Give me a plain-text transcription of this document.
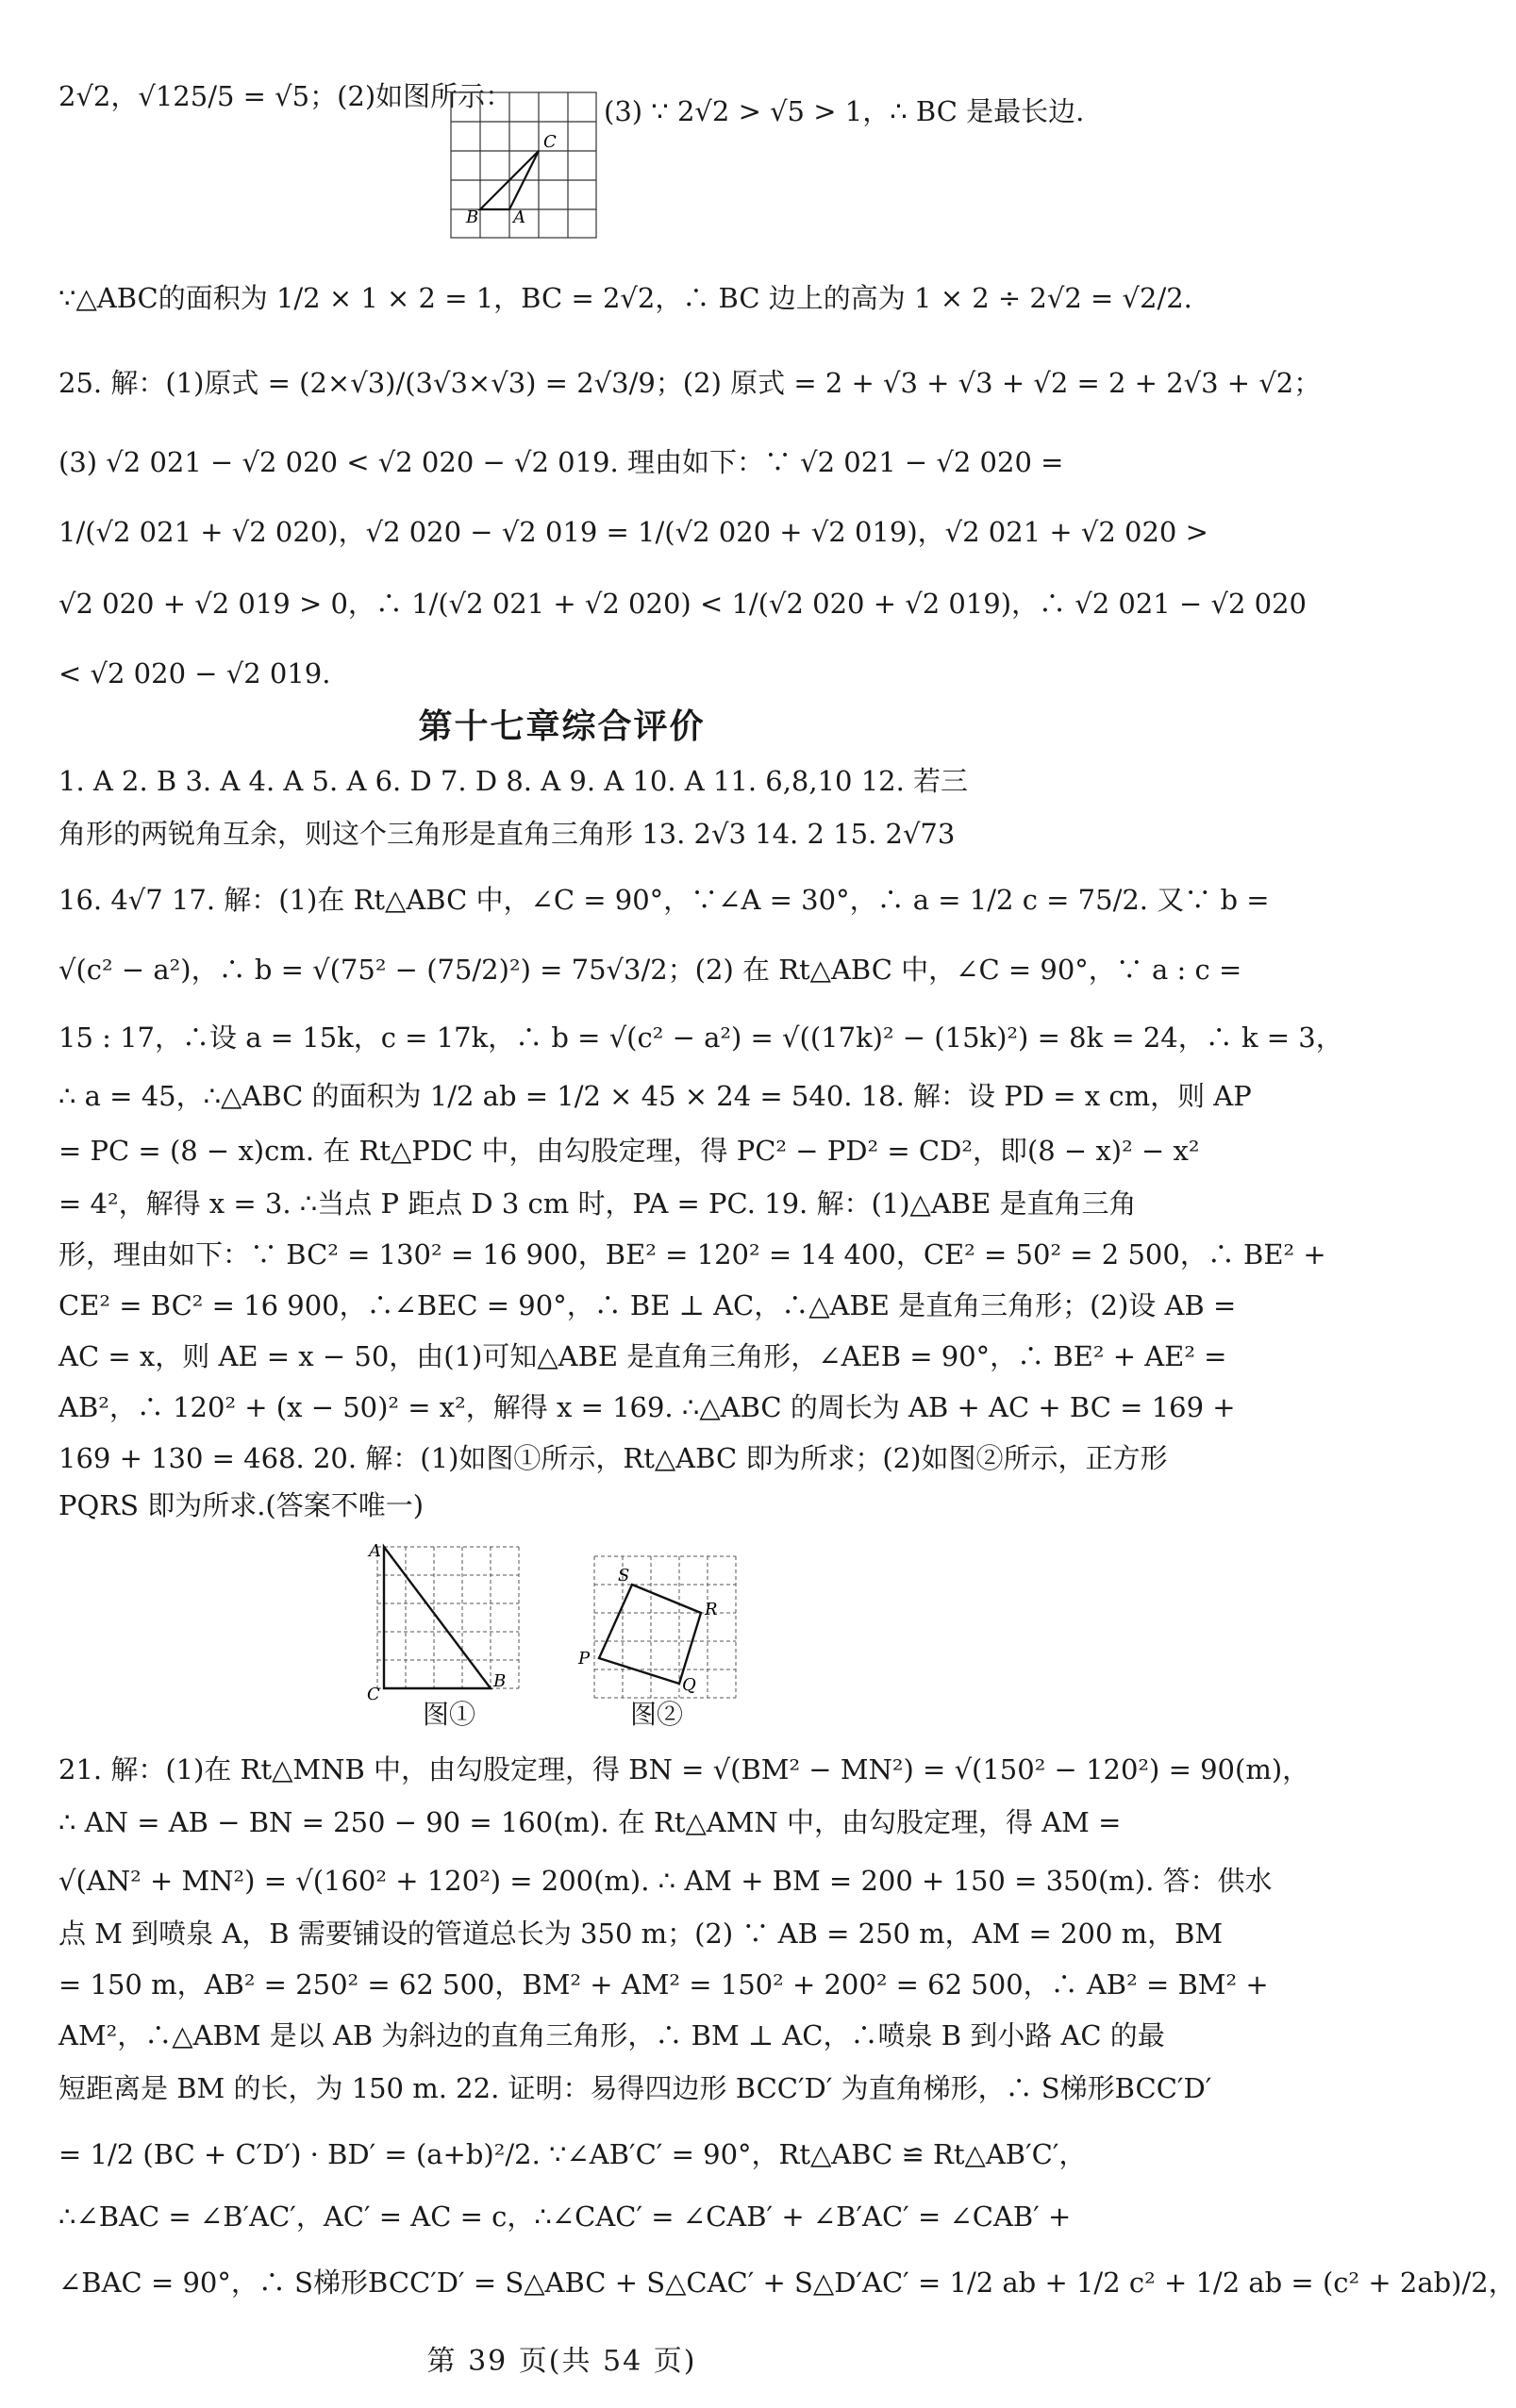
2√2，√125/5 = √5；(2)如图所示：
C
B A
(3) ∵ 2√2 > √5 > 1，∴ BC 是最长边.
∵△ABC的面积为 1/2 × 1 × 2 = 1，BC = 2√2，∴ BC 边上的高为 1 × 2 ÷ 2√2 = √2/2.
25. 解：(1)原式 = (2×√3)/(3√3×√3) = 2√3/9；(2) 原式 = 2 + √3 + √3 + √2 = 2 + 2√3 + √2；
(3) √2 021 − √2 020 < √2 020 − √2 019. 理由如下：∵ √2 021 − √2 020 =
1/(√2 021 + √2 020)，√2 020 − √2 019 = 1/(√2 020 + √2 019)，√2 021 + √2 020 >
√2 020 + √2 019 > 0，∴ 1/(√2 021 + √2 020) < 1/(√2 020 + √2 019)，∴ √2 021 − √2 020
< √2 020 − √2 019.
第十七章综合评价
1. A 2. B 3. A 4. A 5. A 6. D 7. D 8. A 9. A 10. A 11. 6,8,10 12. 若三
角形的两锐角互余，则这个三角形是直角三角形 13. 2√3 14. 2 15. 2√73
16. 4√7 17. 解：(1)在 Rt△ABC 中，∠C = 90°，∵∠A = 30°，∴ a = 1/2 c = 75/2. 又∵ b =
√(c² − a²)，∴ b = √(75² − (75/2)²) = 75√3/2；(2) 在 Rt△ABC 中，∠C = 90°，∵ a : c =
15 : 17，∴设 a = 15k，c = 17k，∴ b = √(c² − a²) = √((17k)² − (15k)²) = 8k = 24，∴ k = 3，
∴ a = 45，∴△ABC 的面积为 1/2 ab = 1/2 × 45 × 24 = 540. 18. 解：设 PD = x cm，则 AP
= PC = (8 − x)cm. 在 Rt△PDC 中，由勾股定理，得 PC² − PD² = CD²，即(8 − x)² − x²
= 4²，解得 x = 3. ∴当点 P 距点 D 3 cm 时，PA = PC. 19. 解：(1)△ABE 是直角三角
形，理由如下：∵ BC² = 130² = 16 900，BE² = 120² = 14 400，CE² = 50² = 2 500，∴ BE² +
CE² = BC² = 16 900，∴∠BEC = 90°，∴ BE ⊥ AC，∴△ABE 是直角三角形；(2)设 AB =
AC = x，则 AE = x − 50，由(1)可知△ABE 是直角三角形，∠AEB = 90°，∴ BE² + AE² =
AB²，∴ 120² + (x − 50)² = x²，解得 x = 169. ∴△ABC 的周长为 AB + AC + BC = 169 +
169 + 130 = 468. 20. 解：(1)如图①所示，Rt△ABC 即为所求；(2)如图②所示，正方形
PQRS 即为所求.(答案不唯一)
A
C
B
图①
S
R
P
Q
图②
21. 解：(1)在 Rt△MNB 中，由勾股定理，得 BN = √(BM² − MN²) = √(150² − 120²) = 90(m)，
∴ AN = AB − BN = 250 − 90 = 160(m). 在 Rt△AMN 中，由勾股定理，得 AM =
√(AN² + MN²) = √(160² + 120²) = 200(m). ∴ AM + BM = 200 + 150 = 350(m). 答：供水
点 M 到喷泉 A，B 需要铺设的管道总长为 350 m；(2) ∵ AB = 250 m，AM = 200 m，BM
= 150 m，AB² = 250² = 62 500，BM² + AM² = 150² + 200² = 62 500，∴ AB² = BM² +
AM²，∴△ABM 是以 AB 为斜边的直角三角形，∴ BM ⊥ AC，∴喷泉 B 到小路 AC 的最
短距离是 BM 的长，为 150 m. 22. 证明：易得四边形 BCC′D′ 为直角梯形，∴ S梯形BCC′D′
= 1/2 (BC + C′D′) · BD′ = (a+b)²/2. ∵∠AB′C′ = 90°，Rt△ABC ≌ Rt△AB′C′，
∴∠BAC = ∠B′AC′，AC′ = AC = c，∴∠CAC′ = ∠CAB′ + ∠B′AC′ = ∠CAB′ +
∠BAC = 90°，∴ S梯形BCC′D′ = S△ABC + S△CAC′ + S△D′AC′ = 1/2 ab + 1/2 c² + 1/2 ab = (c² + 2ab)/2，
第 39 页(共 54 页)
